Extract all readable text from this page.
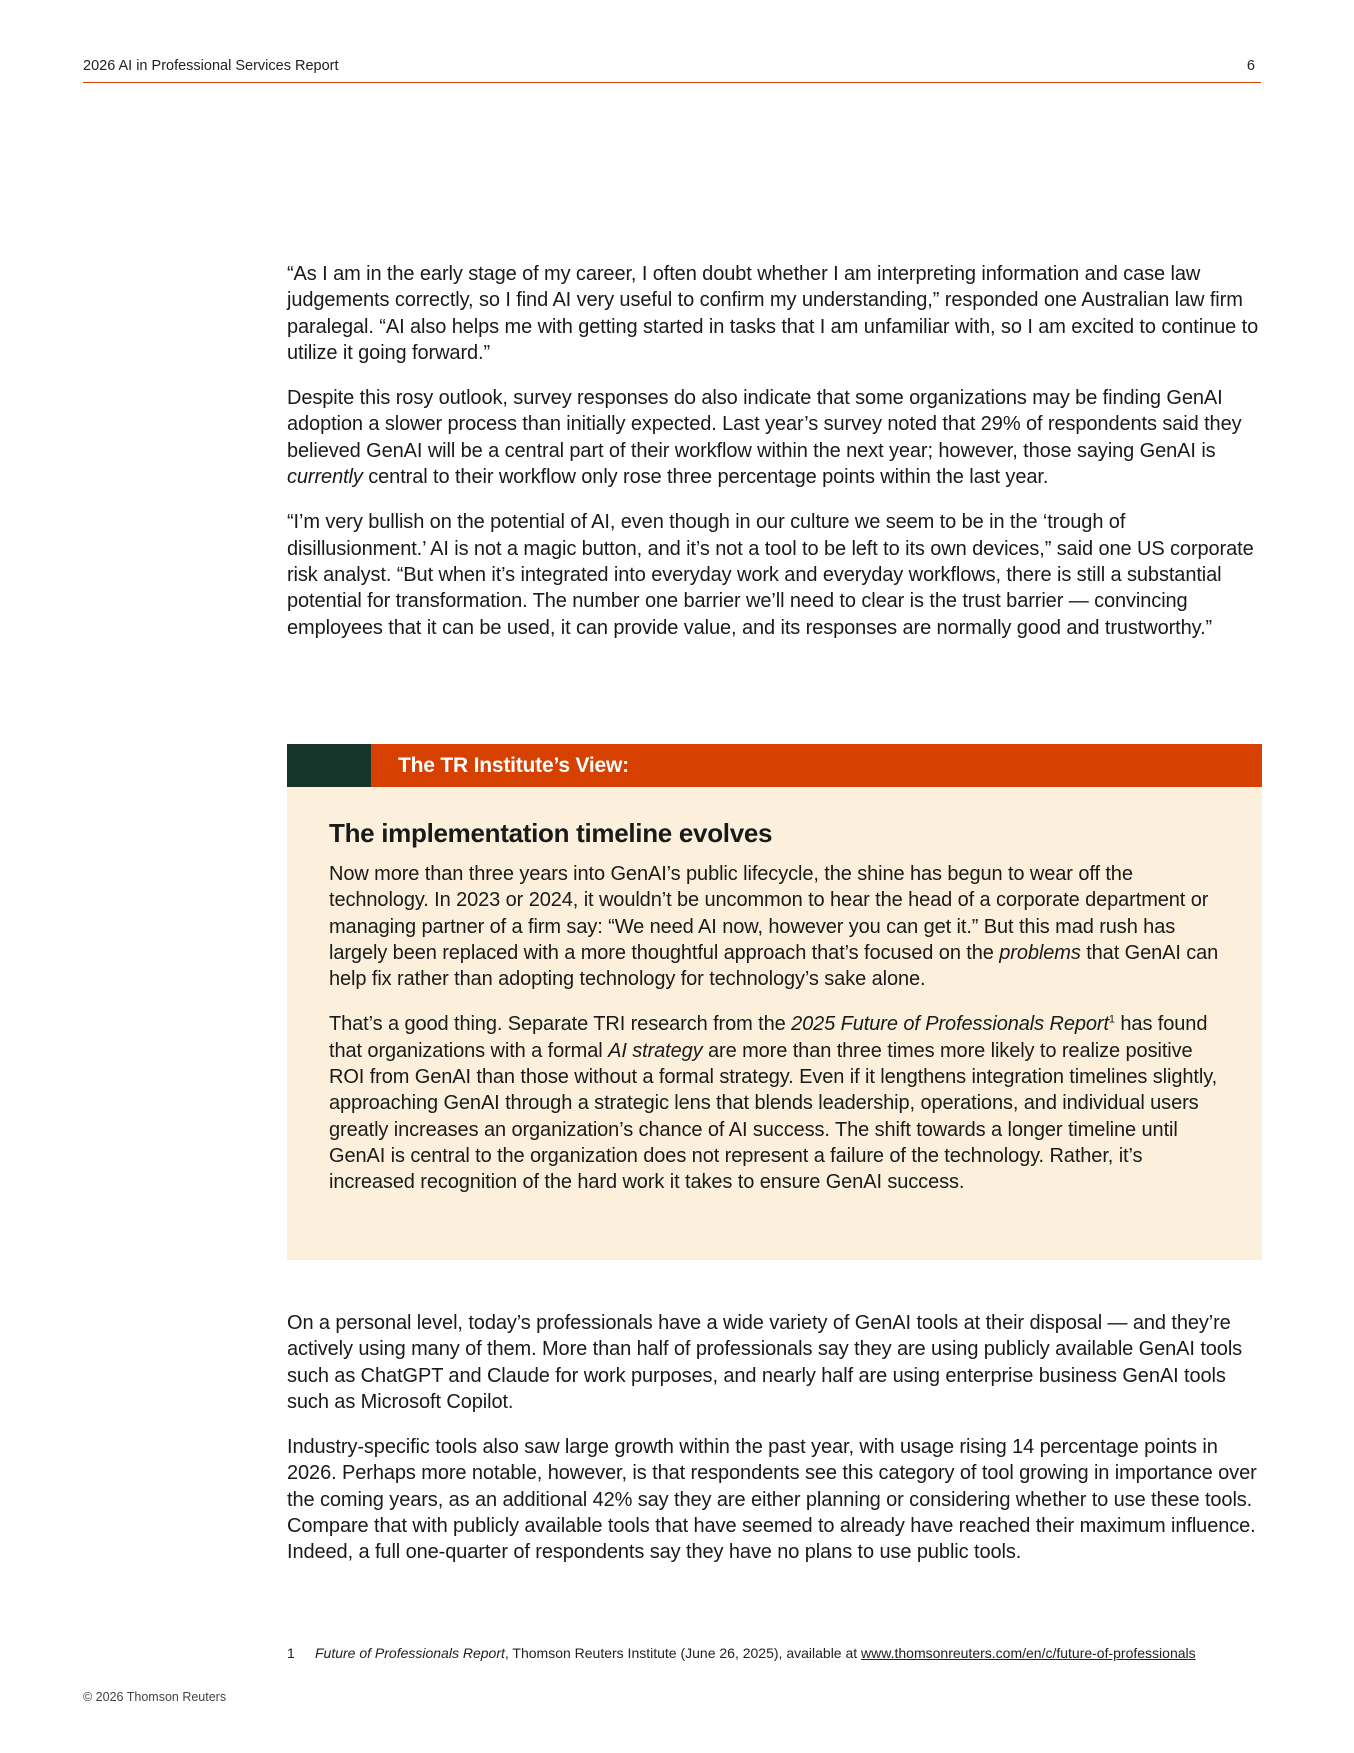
2026 AI in Professional Services Report	6

“As I am in the early stage of my career, I often doubt whether I am interpreting information and case law judgements correctly, so I find AI very useful to confirm my understanding,” responded one Australian law firm paralegal. “AI also helps me with getting started in tasks that I am unfamiliar with, so I am excited to continue to utilize it going forward.”

Despite this rosy outlook, survey responses do also indicate that some organizations may be finding GenAI adoption a slower process than initially expected. Last year’s survey noted that 29% of respondents said they believed GenAI will be a central part of their workflow within the next year; however, those saying GenAI is currently central to their workflow only rose three percentage points within the last year.

“I’m very bullish on the potential of AI, even though in our culture we seem to be in the ‘trough of disillusionment.’ AI is not a magic button, and it’s not a tool to be left to its own devices,” said one US corporate risk analyst. “But when it’s integrated into everyday work and everyday workflows, there is still a substantial potential for transformation. The number one barrier we’ll need to clear is the trust barrier — convincing employees that it can be used, it can provide value, and its responses are normally good and trustworthy.”

The TR Institute’s View:
The implementation timeline evolves

Now more than three years into GenAI’s public lifecycle, the shine has begun to wear off the technology. In 2023 or 2024, it wouldn’t be uncommon to hear the head of a corporate department or managing partner of a firm say: “We need AI now, however you can get it.” But this mad rush has largely been replaced with a more thoughtful approach that’s focused on the problems that GenAI can help fix rather than adopting technology for technology’s sake alone.

That’s a good thing. Separate TRI research from the 2025 Future of Professionals Report$^1$ has found that organizations with a formal AI strategy are more than three times more likely to realize positive ROI from GenAI than those without a formal strategy. Even if it lengthens integration timelines slightly, approaching GenAI through a strategic lens that blends leadership, operations, and individual users greatly increases an organization’s chance of AI success. The shift towards a longer timeline until GenAI is central to the organization does not represent a failure of the technology. Rather, it’s increased recognition of the hard work it takes to ensure GenAI success.

On a personal level, today’s professionals have a wide variety of GenAI tools at their disposal — and they’re actively using many of them. More than half of professionals say they are using publicly available GenAI tools such as ChatGPT and Claude for work purposes, and nearly half are using enterprise business GenAI tools such as Microsoft Copilot.

Industry-specific tools also saw large growth within the past year, with usage rising 14 percentage points in 2026. Perhaps more notable, however, is that respondents see this category of tool growing in importance over the coming years, as an additional 42% say they are either planning or considering whether to use these tools. Compare that with publicly available tools that have seemed to already have reached their maximum influence. Indeed, a full one-quarter of respondents say they have no plans to use public tools.

1 Future of Professionals Report, Thomson Reuters Institute (June 26, 2025), available at www.thomsonreuters.com/en/c/future-of-professionals
© 2026 Thomson Reuters
